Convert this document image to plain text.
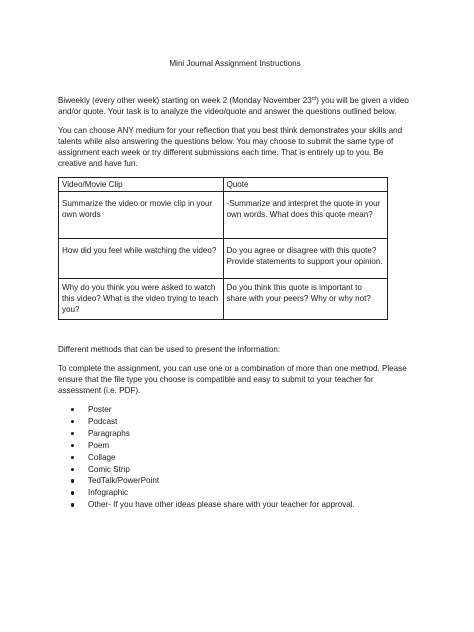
Mini Journal Assignment Instructions

Biweekly (every other week) starting on week 2 (Monday November 23rd) you will be given a video and/or quote. Your task is to analyze the video/quote and answer the questions outlined below.

You can choose ANY medium for your reflection that you best think demonstrates your skills and talents while also answering the questions below. You may choose to submit the same type of assignment each week or try different submissions each time. That is entirely up to you. Be creative and have fun.

Video/Movie Clip	Quote
Summarize the video or movie clip in your own words	-Summarize and interpret the quote in your own words. What does this quote mean?
How did you feel while watching the video?	Do you agree or disagree with this quote? Provide statements to support your opinion.
Why do you think you were asked to watch this video? What is the video trying to teach you?	Do you think this quote is important to share with your peers? Why or why not?

Different methods that can be used to present the information:

To complete the assignment, you can use one or a combination of more than one method. Please ensure that the file type you choose is compatible and easy to submit to your teacher for assessment (i.e. PDF).

Poster
Podcast
Paragraphs
Poem
Collage
Comic Strip
TedTalk/PowerPoint
Infographic
Other- If you have other ideas please share with your teacher for approval.
